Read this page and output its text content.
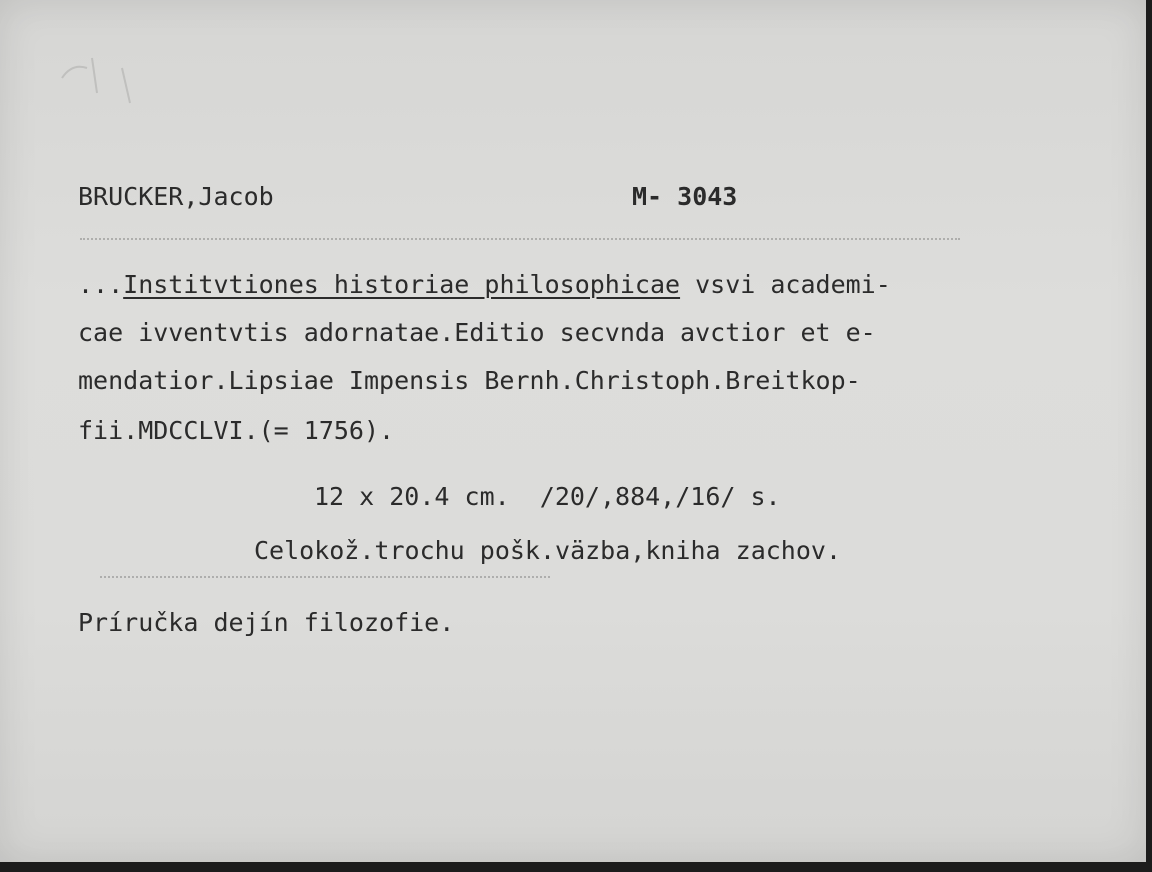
BRUCKER,Jacob	M- 3043
...Institvtiones historiae philosophicae vsvi academi-
cae ivventvtis adornatae.Editio secvnda avctior et e-
mendatior.Lipsiae Impensis Bernh.Christoph.Breitkop-
fii.MDCCLVI.(= 1756).
12 x 20.4 cm.  /20/,884,/16/ s.
Celokož.trochu pošk.väzba,kniha zachov.
Príručka dejín filozofie.
